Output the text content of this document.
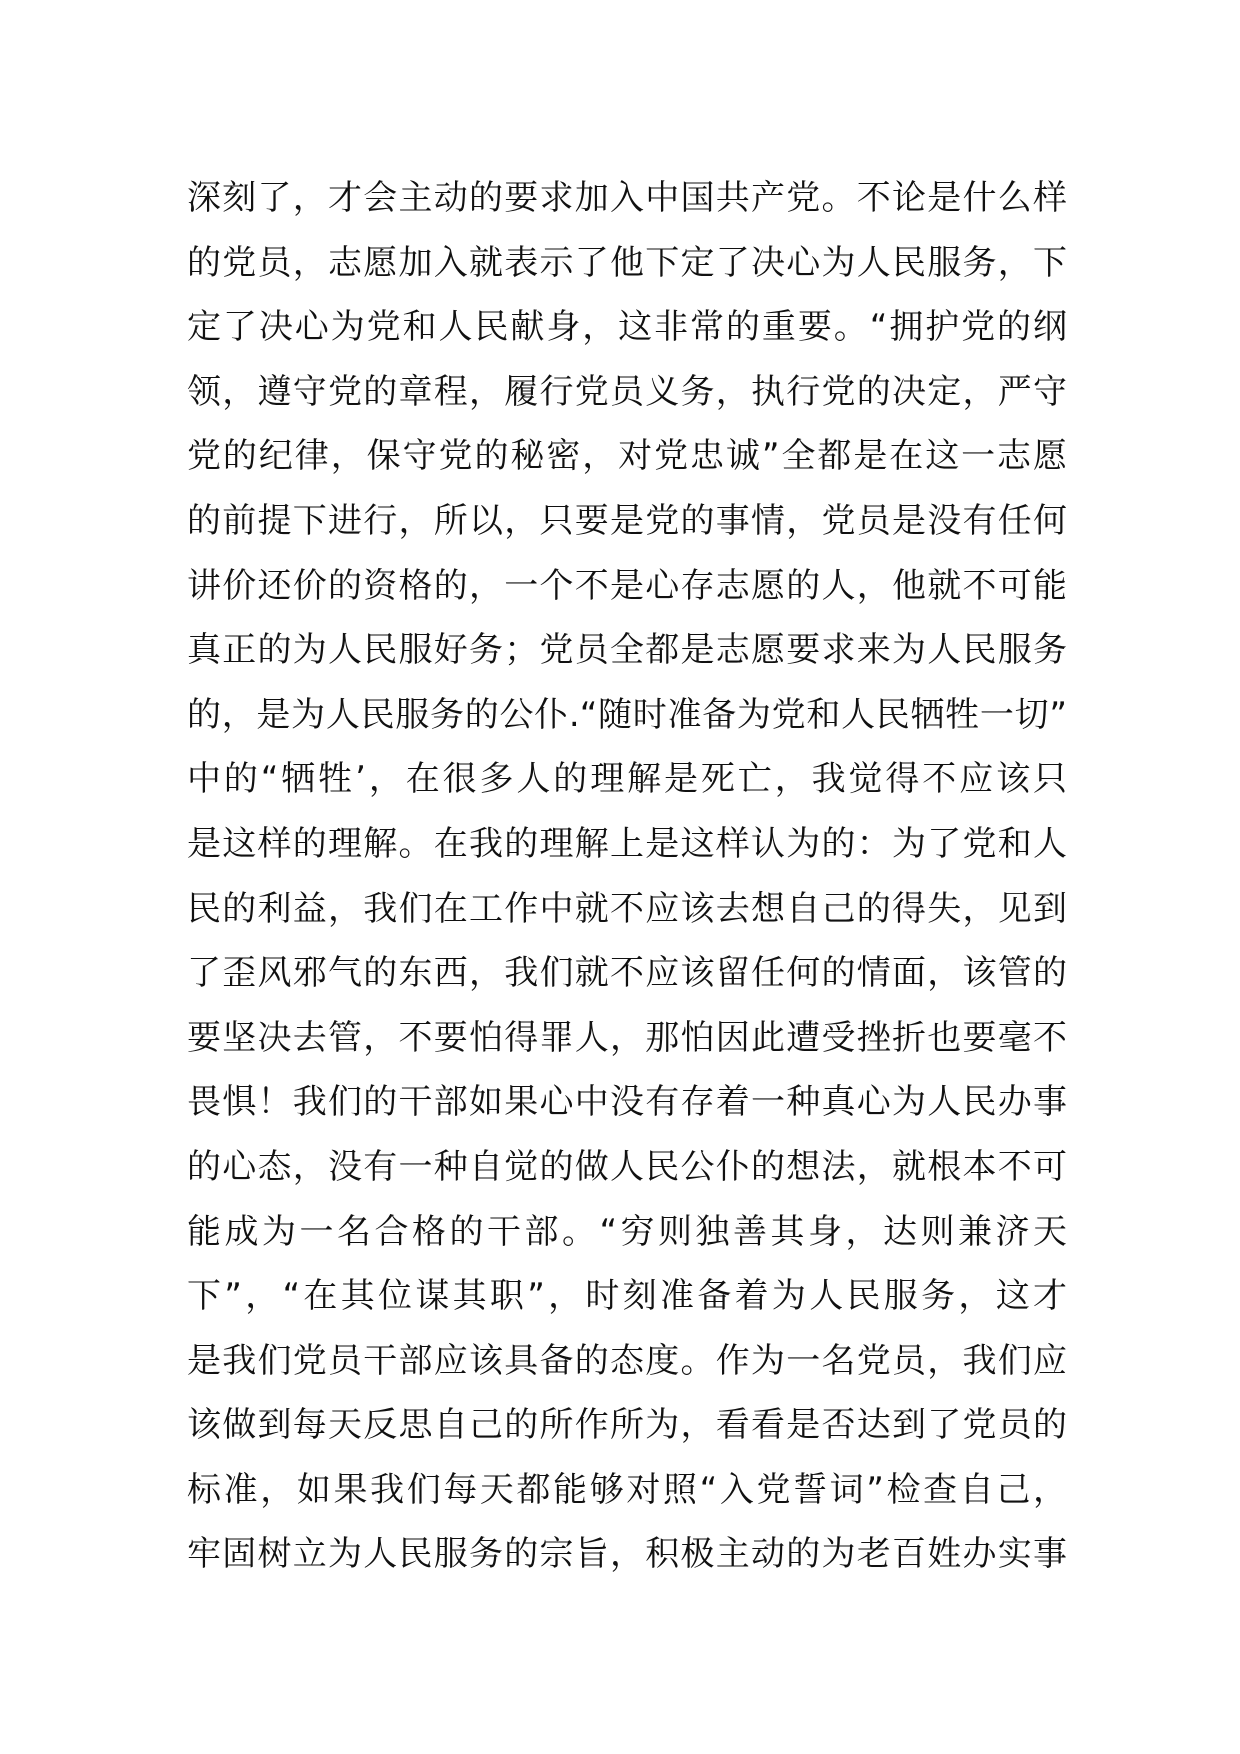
深刻了，才会主动的要求加入中国共产党。不论是什么样
的党员，志愿加入就表示了他下定了决心为人民服务，下
定了决心为党和人民献身，这非常的重要。“拥护党的纲
领，遵守党的章程，履行党员义务，执行党的决定，严守
党的纪律，保守党的秘密，对党忠诚”全都是在这一志愿
的前提下进行，所以，只要是党的事情，党员是没有任何
讲价还价的资格的，一个不是心存志愿的人，他就不可能
真正的为人民服好务；党员全都是志愿要求来为人民服务
的，是为人民服务的公仆.“随时准备为党和人民牺牲一切”
中的“牺牲’，在很多人的理解是死亡，我觉得不应该只
是这样的理解。在我的理解上是这样认为的：为了党和人
民的利益，我们在工作中就不应该去想自己的得失，见到
了歪风邪气的东西，我们就不应该留任何的情面，该管的
要坚决去管，不要怕得罪人，那怕因此遭受挫折也要毫不
畏惧！我们的干部如果心中没有存着一种真心为人民办事
的心态，没有一种自觉的做人民公仆的想法，就根本不可
能成为一名合格的干部。“穷则独善其身，达则兼济天
下”，“在其位谋其职”，时刻准备着为人民服务，这才
是我们党员干部应该具备的态度。作为一名党员，我们应
该做到每天反思自己的所作所为，看看是否达到了党员的
标准，如果我们每天都能够对照“入党誓词”检查自己，
牢固树立为人民服务的宗旨，积极主动的为老百姓办实事
